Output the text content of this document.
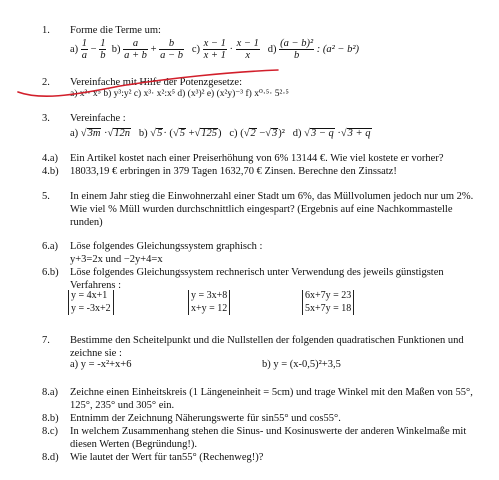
1. Forme die Terme um:
$a) \frac{1}{a} - \frac{1}{b} b) \frac{a}{a + b} + \frac{b}{a - b} c) \frac{x - 1}{x + 1} \cdot \frac{x - 1}{x} d) \frac{\text{(a − b)²}}{b}$ : (a² − b²)
2. Vereinfache mit Hilfe der Potenzgesetze:
a) x³· x⁵ b) y³:y² c) x³· x²:x⁵ d) (x³)² e) (x²y)⁻³ f) x⁰·⁵· 5²·⁵
3. Vereinfache :
a) √3m ·√12n b) √5· (√5 +√125) c) (√2 −√3)² d) √3 − q ·√3 + q
4.a) Ein Artikel kostet nach einer Preiserhöhung von 6% 13144 €. Wie viel kostete er vorher?
4.b) 18033,19 € erbringen in 379 Tagen 1632,70 € Zinsen. Berechne den Zinssatz!
5. In einem Jahr stieg die Einwohnerzahl einer Stadt um 6%, das Müllvolumen jedoch nur um 2%.
Wie viel % Müll wurden durchschnittlich eingespart? (Ergebnis auf eine Nachkommastelle
runden)
6.a) Löse folgendes Gleichungssystem graphisch :
y+3=2x und −2y+4=x
6.b) Löse folgendes Gleichungssystem rechnerisch unter Verwendung des jeweils günstigsten
Verfahrens :
y = 4x+1
y = -3x+2
y = 3x+8
x+y = 12
6x+7y = 23
5x+7y = 18
7. Bestimme den Scheitelpunkt und die Nullstellen der folgenden quadratischen Funktionen und
zeichne sie :
a) y = -x²+x+6	b) y = (x-0,5)²+3,5
8.a) Zeichne einen Einheitskreis (1 Längeneinheit = 5cm) und trage Winkel mit den Maßen von 55°,
125°, 235° und 305° ein.
8.b) Entnimm der Zeichnung Näherungswerte für sin55° und cos55°.
8.c) In welchem Zusammenhang stehen die Sinus- und Kosinuswerte der anderen Winkelmaße mit
diesen Werten (Begründung!).
8.d) Wie lautet der Wert für tan55° (Rechenweg!)?
